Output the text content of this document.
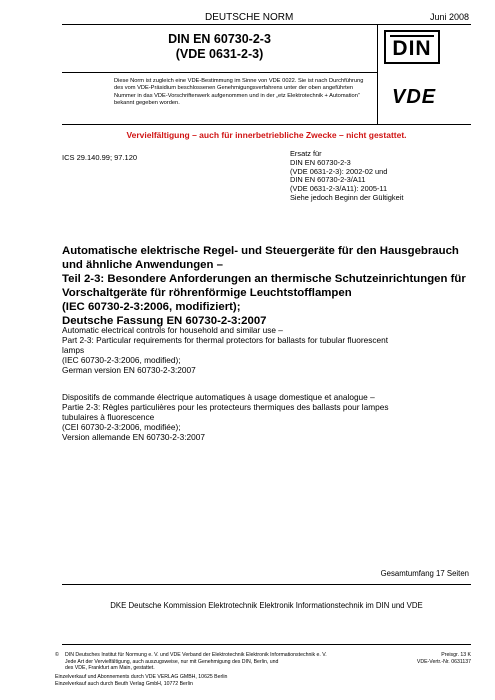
DEUTSCHE NORM	Juni 2008
DIN EN 60730-2-3
(VDE 0631-2-3)
Diese Norm ist zugleich eine VDE-Bestimmung im Sinne von VDE 0022. Sie ist nach Durchführung des vom VDE-Präsidium beschlossenen Genehmigungsverfahrens unter der oben angeführten Nummer in das VDE-Vorschriftenwerk aufgenommen und in der „etz Elektrotechnik + Automation“ bekannt gegeben worden.
DIN
VDE
Vervielfältigung – auch für innerbetriebliche Zwecke – nicht gestattet.
ICS 29.140.99; 97.120	Ersatz für
DIN EN 60730-2-3
(VDE 0631-2-3): 2002-02 und
DIN EN 60730-2-3/A11
(VDE 0631-2-3/A11): 2005-11
Siehe jedoch Beginn der Gültigkeit
Automatische elektrische Regel- und Steuergeräte für den Hausgebrauch
und ähnliche Anwendungen –
Teil 2-3: Besondere Anforderungen an thermische Schutzeinrichtungen für
Vorschaltgeräte für röhrenförmige Leuchtstofflampen
(IEC 60730-2-3:2006, modifiziert);
Deutsche Fassung EN 60730-2-3:2007
Automatic electrical controls for household and similar use –
Part 2-3: Particular requirements for thermal protectors for ballasts for tubular fluorescent
lamps
(IEC 60730-2-3:2006, modified);
German version EN 60730-2-3:2007
Dispositifs de commande électrique automatiques à usage domestique et analogue –
Partie 2-3: Règles particulières pour les protecteurs thermiques des ballasts pour lampes
tubulaires à fluorescence
(CEI 60730-2-3:2006, modifiée);
Version allemande EN 60730-2-3:2007
Gesamtumfang 17 Seiten
DKE Deutsche Kommission Elektrotechnik Elektronik Informationstechnik im DIN und VDE
©	DIN Deutsches Institut für Normung e. V. und VDE Verband der Elektrotechnik Elektronik Informationstechnik e. V.
Jede Art der Vervielfältigung, auch auszugsweise, nur mit Genehmigung des DIN, Berlin, und
des VDE, Frankfurt am Main, gestattet.
Preisgr. 13 K
VDE-Vertr.-Nr. 0631137
Einzelverkauf und Abonnements durch VDE VERLAG GMBH, 10625 Berlin
Einzelverkauf auch durch Beuth Verlag GmbH, 10772 Berlin
